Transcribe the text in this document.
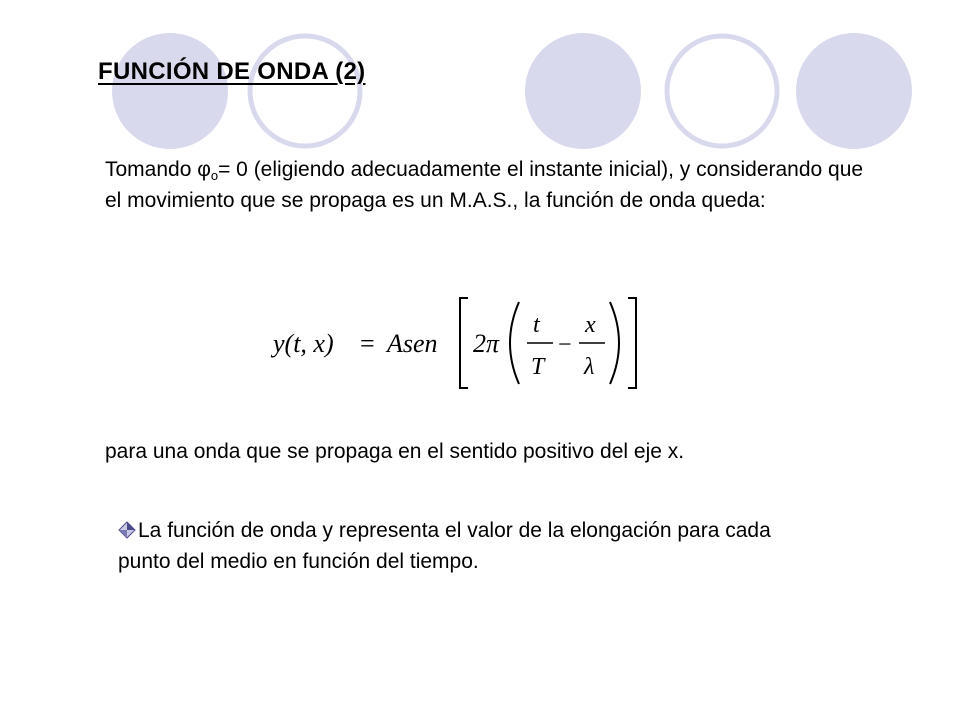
FUNCIÓN DE ONDA (2)

Tomando $\varphi_o= 0$ (eligiendo adecuadamente el instante inicial), y considerando que el movimiento que se propaga es un M.A.S., la función de onda queda:

y(t, x) = Asen 2π
t
T
−
x
λ

para una onda que se propaga en el sentido positivo del eje x.

La función de onda y representa el valor de la elongación para cada punto del medio en función del tiempo.
